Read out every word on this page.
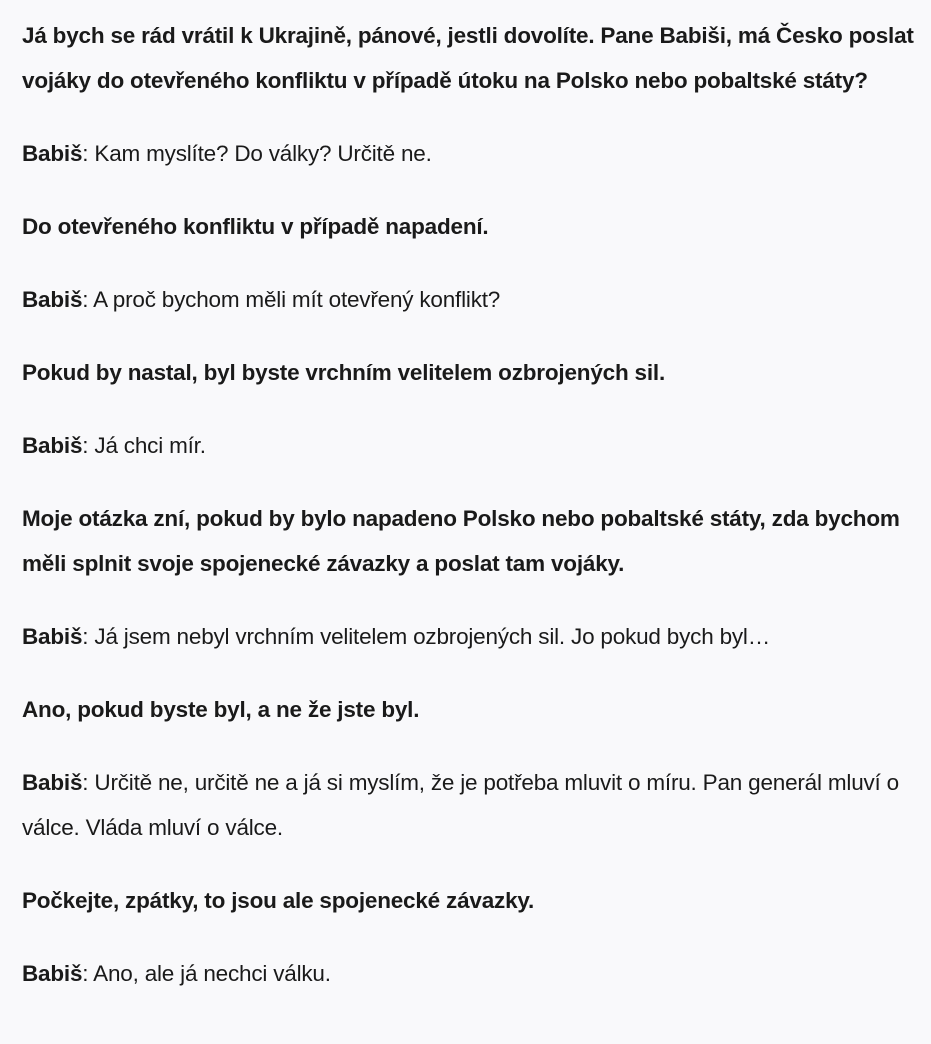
Já bych se rád vrátil k Ukrajině, pánové, jestli dovolíte. Pane Babiši, má Česko poslat vojáky do otevřeného konfliktu v případě útoku na Polsko nebo pobaltské státy?

Babiš: Kam myslíte? Do války? Určitě ne.

Do otevřeného konfliktu v případě napadení.

Babiš: A proč bychom měli mít otevřený konflikt?

Pokud by nastal, byl byste vrchním velitelem ozbrojených sil.

Babiš: Já chci mír.

Moje otázka zní, pokud by bylo napadeno Polsko nebo pobaltské státy, zda bychom měli splnit svoje spojenecké závazky a poslat tam vojáky.

Babiš: Já jsem nebyl vrchním velitelem ozbrojených sil. Jo pokud bych byl…

Ano, pokud byste byl, a ne že jste byl.

Babiš: Určitě ne, určitě ne a já si myslím, že je potřeba mluvit o míru. Pan generál mluví o válce. Vláda mluví o válce.

Počkejte, zpátky, to jsou ale spojenecké závazky.

Babiš: Ano, ale já nechci válku.
